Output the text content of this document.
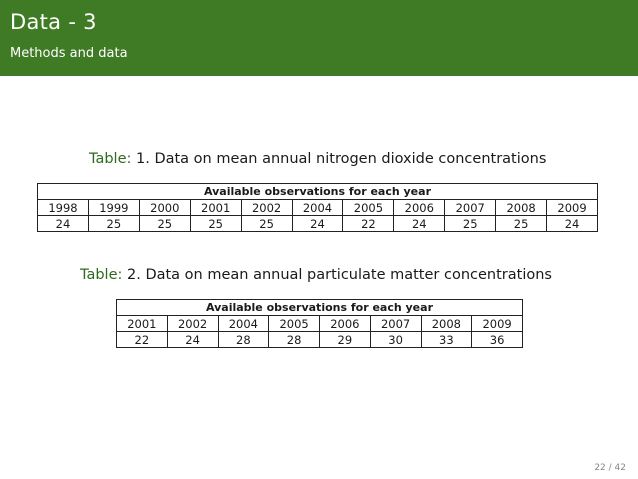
Data - 3
Methods and data
Table: 1. Data on mean annual nitrogen dioxide concentrations
Available observations for each year										
1998	1999	2000	2001	2002	2004	2005	2006	2007	2008	2009
24	25	25	25	25	24	22	24	25	25	24
Table: 2. Data on mean annual particulate matter concentrations
Available observations for each year							
2001	2002	2004	2005	2006	2007	2008	2009
22	24	28	28	29	30	33	36
22 / 42
